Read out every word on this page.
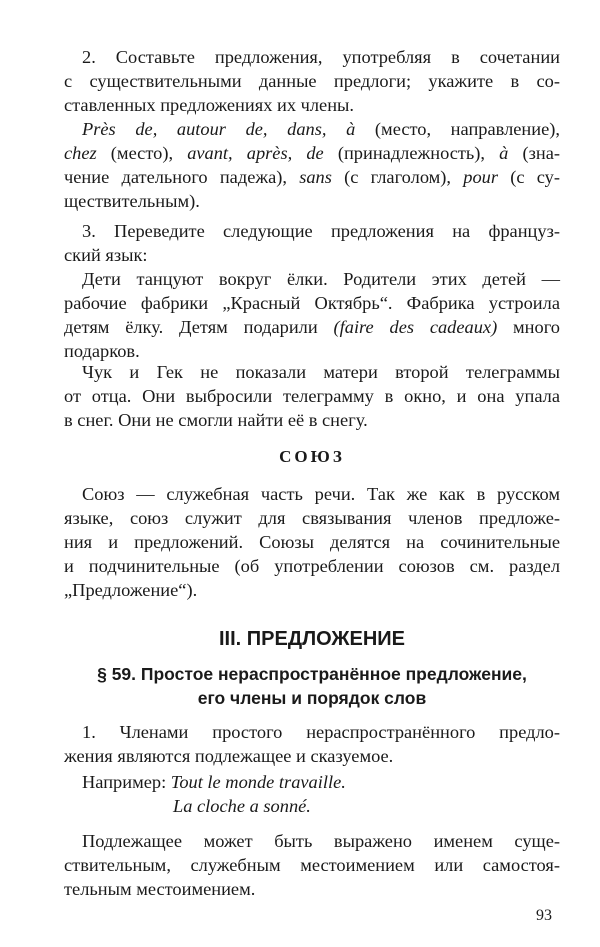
2. Составьте предложения, употребляя в сочетании
с существительными данные предлоги; укажите в со-
ставленных предложениях их члены.
Près de, autour de, dans, à (место, направление),
chez (место), avant, après, de (принадлежность), à (зна-
чение дательного падежа), sans (с глаголом), pour (с су-
ществительным).
3. Переведите следующие предложения на француз-
ский язык:
Дети танцуют вокруг ёлки. Родители этих детей —
рабочие фабрики „Красный Октябрь“. Фабрика устроила
детям ёлку. Детям подарили (faire des cadeaux) много
подарков.
Чук и Гек не показали матери второй телеграммы
от отца. Они выбросили телеграмму в окно, и она упала
в снег. Они не смогли найти её в снегу.
СОЮЗ
Союз — служебная часть речи. Так же как в русском
языке, союз служит для связывания членов предложе-
ния и предложений. Союзы делятся на сочинительные
и подчинительные (об употреблении союзов см. раздел
„Предложение“).
III. ПРЕДЛОЖЕНИЕ
§ 59. Простое нераспространённое предложение,
его члены и порядок слов
1. Членами простого нераспространённого предло-
жения являются подлежащее и сказуемое.
Например: Tout le monde travaille.
La cloche a sonné.
Подлежащее может быть выражено именем суще-
ствительным, служебным местоимением или самостоя-
тельным местоимением.
93
